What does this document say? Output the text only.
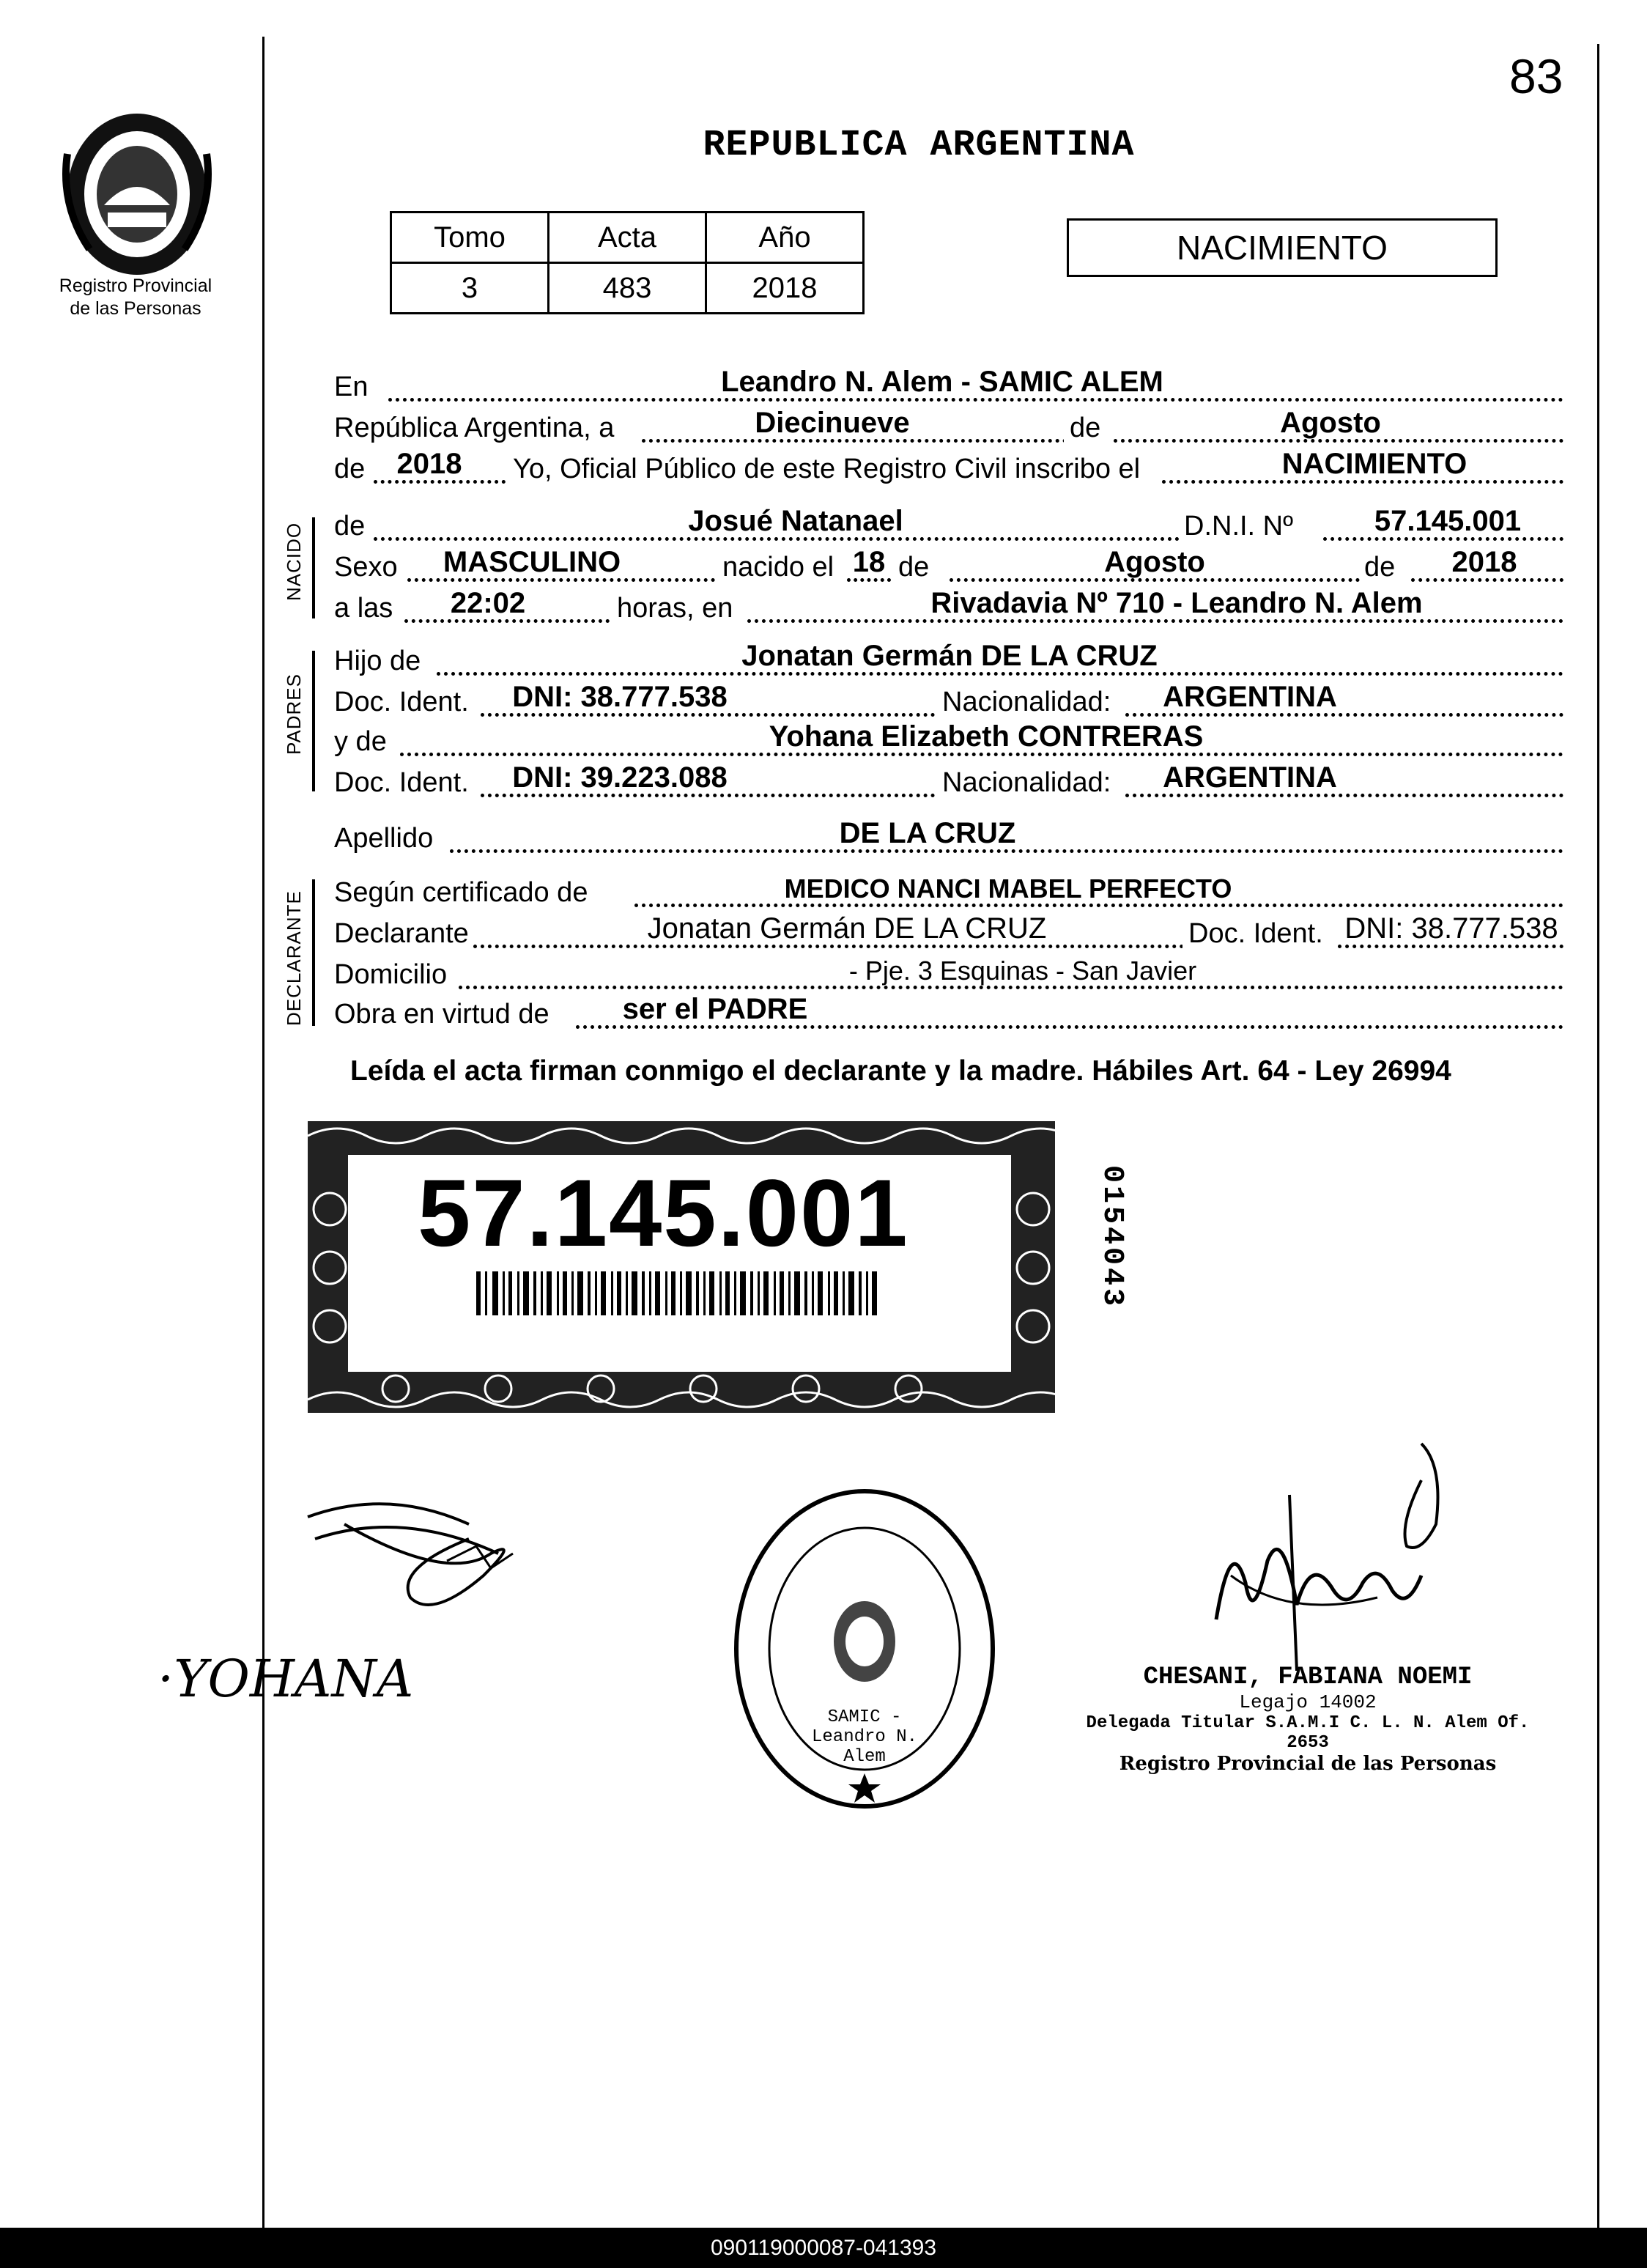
83
Registro Provincial
de las Personas
REPUBLICA ARGENTINA
Tomo	Acta	Año
3	483	2018
NACIMIENTO
En	Leandro N. Alem - SAMIC ALEM
República Argentina, a	Diecinueve	de	Agosto
de	2018	Yo, Oficial Público de este Registro Civil inscribo el	NACIMIENTO
NACIDO de	Josué Natanael	D.N.I. Nº	57.145.001
Sexo	MASCULINO	nacido el 18 de	Agosto	de	2018
a las	22:02	horas, en	Rivadavia Nº 710 - Leandro N. Alem
PADRES
Hijo de	Jonatan Germán DE LA CRUZ
Doc. Ident.	DNI: 38.777.538	Nacionalidad:	ARGENTINA
y de	Yohana Elizabeth CONTRERAS
Doc. Ident.	DNI: 39.223.088	Nacionalidad:	ARGENTINA
Apellido	DE LA CRUZ
DECLARANTE Según certificado de	MEDICO NANCI MABEL PERFECTO
Declarante	Jonatan Germán DE LA CRUZ	Doc. Ident. DNI: 38.777.538
Domicilio	- Pje. 3 Esquinas - San Javier
Obra en virtud de	ser el PADRE
Leída el acta firman conmigo el declarante y la madre. Hábiles Art. 64 - Ley 26994
57.145.001	0154043
·YOHANA
SAMIC - Leandro N. Alem
CHESANI, FABIANA NOEMI
Legajo 14002
Delegada Titular S.A.M.I C. L. N. Alem Of. 2653
Registro Provincial de las Personas
090119000087-041393
